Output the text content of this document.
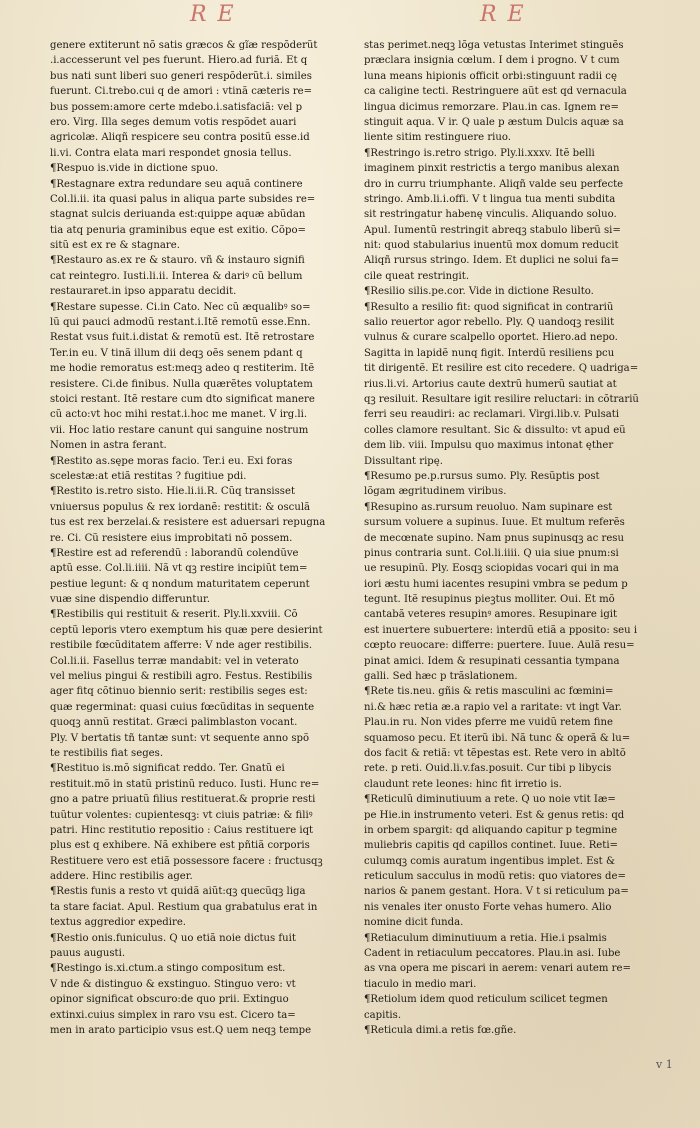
R E	R E
genere extiterunt nõ satis græcos & gĩæ respõderũt
.i.accesserunt vel pes fuerunt. Hiero.ad furiã. Et q
bus nati sunt liberi suo generi respõderũt.i. similes
fuerunt. Ci.trebo.cui q de amori : vtinã cæteris re=
bus possem:amore certe mdebo.i.satisfaciã: vel p
ero. Virg. Illa seges demum votis respõdet auari
agricolæ. Aliqñ respicere seu contra positũ esse.id
li.vi. Contra elata mari respondet gnosia tellus.
¶Respuo is.vide in dictione spuo.
¶Restagnare extra redundare seu aquã continere
Col.li.ii. ita quasi palus in aliqua parte subsides re=
stagnat sulcis deriuanda est:quippe aquæ abũdan
tia atq penuria graminibus eque est exitio. Cõpo=
sitũ est ex re & stagnare.
¶Restauro as.ex re & stauro. vñ & instauro signifi
cat reintegro. Iusti.li.ii. Interea & dariꝰ cũ bellum
restauraret.in ipso apparatu decidit.
¶Restare supesse. Ci.in Cato. Nec cũ æqualibꝰ so=
lũ qui pauci admodũ restant.i.Itẽ remotũ esse.Enn.
Restat vsus fuit.i.distat & remotũ est. Itẽ retrostare
Ter.in eu. V tinã illum dii deqꝫ oẽs senem pdant q
me hodie remoratus est:meqꝫ adeo q restiterim. Itẽ
resistere. Ci.de finibus. Nulla quærẽtes voluptatem
stoici restant. Itẽ restare cum dto significat manere
cũ acto:vt hoc mihi restat.i.hoc me manet. V irg.li.
vii. Hoc latio restare canunt qui sanguine nostrum
Nomen in astra ferant.
¶Restito as.sępe moras facio. Ter.i eu. Exi foras
scelestæ:at etiã restitas ? fugitiue pdi.
¶Restito is.retro sisto. Hie.li.ii.R. Cũq transisset
vniuersus populus & rex iordanẽ: restitit: & osculã
tus est rex berzelai.& resistere est aduersari repugna
re. Ci. Cũ resistere eius improbitati nõ possem.
¶Restire est ad referendũ : laborandũ colendũve
aptũ esse. Col.li.iiii. Nã vt qꝫ restire incipiũt tem=
pestiue legunt: & q nondum maturitatem ceperunt
vuæ sine dispendio differuntur.
¶Restibilis qui restituit & reserit. Ply.li.xxviii. Cõ
ceptũ leporis vtero exemptum his quæ pere desierint
restibile fœcũditatem afferre: V nde ager restibilis.
Col.li.ii. Fasellus terræ mandabit: vel in veterato
vel melius pingui & restibili agro. Festus. Restibilis
ager fitq cõtinuo biennio serit: restibilis seges est:
quæ regerminat: quasi cuius fœcũditas in sequente
quoqꝫ annũ restitat. Græci palimblaston vocant.
Ply. V bertatis tñ tantæ sunt: vt sequente anno spõ
te restibilis fiat seges.
¶Restituo is.mõ significat reddo. Ter. Gnatũ ei
restituit.mõ in statũ pristinũ reduco. Iusti. Hunc re=
gno a patre priuatũ filius restituerat.& proprie resti
tuũtur volentes: cupientesqꝫ: vt ciuis patriæ: & filiꝰ
patri. Hinc restitutio repositio : Caius restituere iqt
plus est q exhibere. Nã exhibere est pñtiã corporis
Restituere vero est etiã possessore facere : fructusqꝫ
addere. Hinc restibilis ager.
¶Restis funis a resto vt quidã aiũt:qꝫ quecũqꝫ liga
ta stare faciat. Apul. Restium qua grabatulus erat in
textus aggredior expedire.
¶Restio onis.funiculus. Q uo etiã noie dictus fuit
pauus augusti.
¶Restingo is.xi.ctum.a stingo compositum est.
V nde & distinguo & exstinguo. Stinguo vero: vt
opinor significat obscuro:de quo prii. Extinguo
extinxi.cuius simplex in raro vsu est. Cicero ta=
men in arato participio vsus est.Q uem neqꝫ tempe
stas perimet.neqꝫ lõga vetustas Interimet stinguẽs
præclara insignia cœlum. I dem i progno. V t cum
luna means hipionis officit orbi:stinguunt radii cę
ca caligine tecti. Restringuere aũt est qd vernacula
lingua dicimus remorzare. Plau.in cas. Ignem re=
stinguit aqua. V ir. Q uale p æstum Dulcis aquæ sa
liente sitim restinguere riuo.
¶Restringo is.retro strigo. Ply.li.xxxv. Itẽ belli
imaginem pinxit restrictis a tergo manibus alexan
dro in curru triumphante. Aliqñ valde seu perfecte
stringo. Amb.li.i.offi. V t lingua tua menti subdita
sit restringatur habenę vinculis. Aliquando soluo.
Apul. Iumentũ restringit abreqꝫ stabulo liberũ si=
nit: quod stabularius inuentũ mox domum reducit
Aliqñ rursus stringo. Idem. Et duplici ne solui fa=
cile queat restringit.
¶Resilio silis.pe.cor. Vide in dictione Resulto.
¶Resulto a resilio fit: quod significat in contrariũ
salio reuertor agor rebello. Ply. Q uandoqꝫ resilit
vulnus & curare scalpello oportet. Hiero.ad nepo.
Sagitta in lapidẽ nunq figit. Interdũ resiliens pcu
tit dirigentẽ. Et resilire est cito recedere. Q uadriga=
rius.li.vi. Artorius caute dextrũ humerũ sautiat at
qꝫ resiluit. Resultare igit resilire reluctari: in cõtrariũ
ferri seu reaudiri: ac reclamari. Virgi.lib.v. Pulsati
colles clamore resultant. Sic & dissulto: vt apud eũ
dem lib. viii. Impulsu quo maximus intonat ęther
Dissultant ripę.
¶Resumo pe.p.rursus sumo. Ply. Resũptis post
lõgam ægritudinem viribus.
¶Resupino as.rursum reuoluo. Nam supinare est
sursum voluere a supinus. Iuue. Et multum referẽs
de mecœnate supino. Nam pnus supinusqꝫ ac resu
pinus contraria sunt. Col.li.iiii. Q uia siue pnum:si
ue resupinũ. Ply. Eosqꝫ sciopidas vocari qui in ma
iori æstu humi iacentes resupini vmbra se pedum p
tegunt. Itẽ resupinus pieꝫtus molliter. Oui. Et mõ
cantabã veteres resupinꝰ amores. Resupinare igit
est inuertere subuertere: interdũ etiã a pposito: seu i
cœpto reuocare: differre: puertere. Iuue. Aulã resu=
pinat amici. Idem & resupinati cessantia tympana
galli. Sed hæc p trãslationem.
¶Rete tis.neu. gñis & retis masculini ac fœmini=
ni.& hæc retia æ.a rapio vel a raritate: vt ingt Var.
Plau.in ru. Non vides pferre me vuidũ retem fine
squamoso pecu. Et iterũ ibi. Nã tunc & operã & lu=
dos facit & retiã: vt tẽpestas est. Rete vero in abltõ
rete. p reti. Ouid.li.v.fas.posuit. Cur tibi p libycis
claudunt rete leones: hinc fit irretio is.
¶Reticulũ diminutiuum a rete. Q uo noie vtit Iæ=
pe Hie.in instrumento veteri. Est & genus retis: qd
in orbem spargit: qd aliquando capitur p tegmine
muliebris capitis qd capillos continet. Iuue. Reti=
culumqꝫ comis auratum ingentibus implet. Est &
reticulum sacculus in modũ retis: quo viatores de=
narios & panem gestant. Hora. V t si reticulum pa=
nis venales iter onusto Forte vehas humero. Alio
nomine dicit funda.
¶Retiaculum diminutiuum a retia. Hie.i psalmis
Cadent in retiaculum peccatores. Plau.in asi. Iube
as vna opera me piscari in aerem: venari autem re=
tiaculo in medio mari.
¶Retiolum idem quod reticulum scilicet tegmen
capitis.
¶Reticula dimi.a retis fœ.gñe.
v 1
